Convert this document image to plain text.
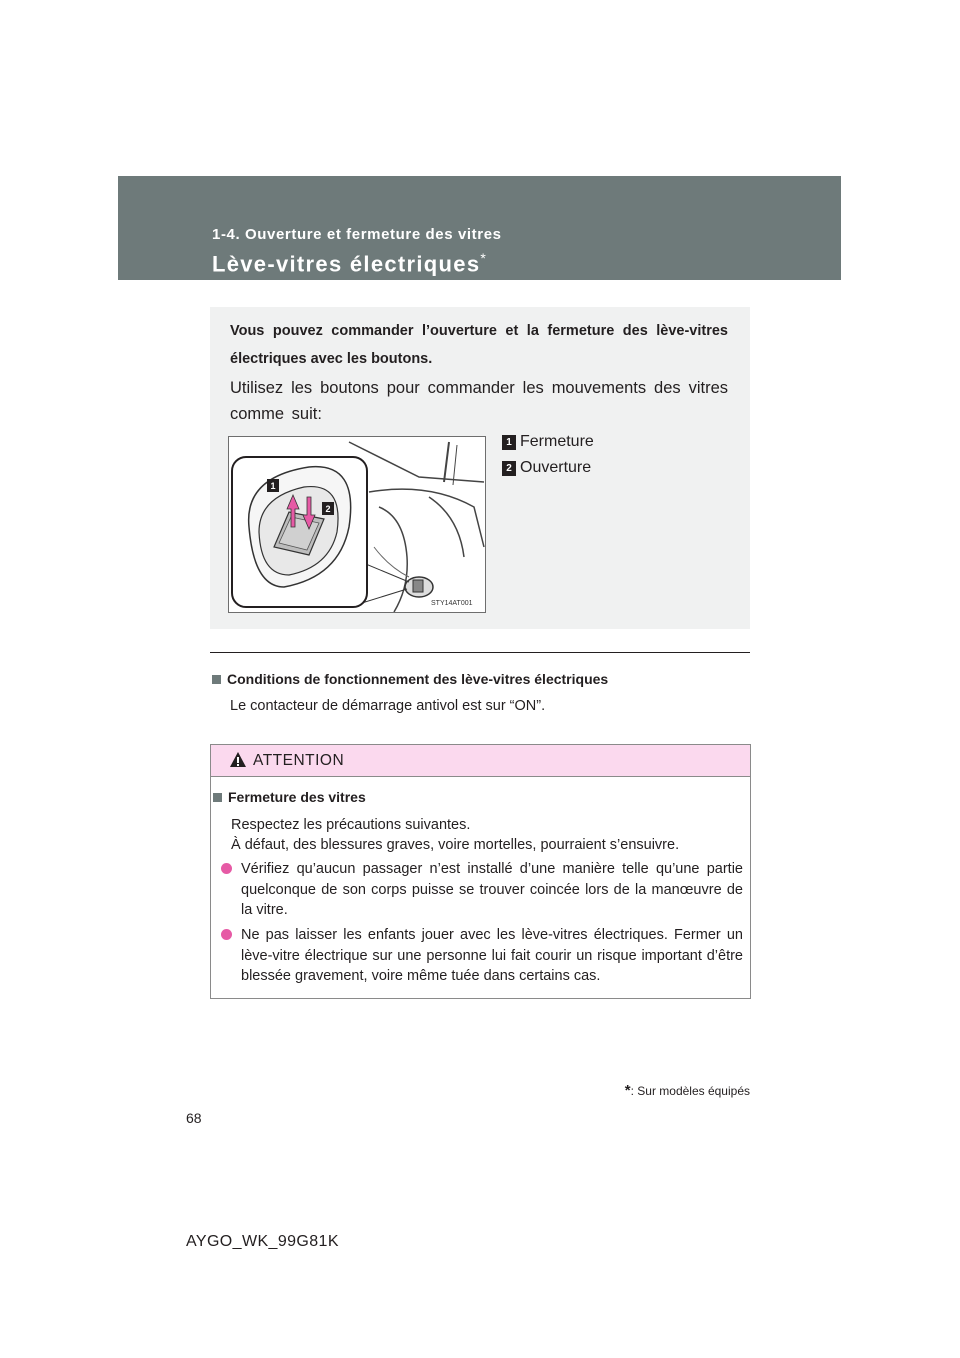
1-4. Ouverture et fermeture des vitres
Lève-vitres électriques*
Vous pouvez commander l’ouverture et la fermeture des lève-vitres électriques avec les boutons.
Utilisez les boutons pour commander les mouvements des vitres comme suit:
1
2
STY14AT001
1 Fermeture
2 Ouverture
Conditions de fonctionnement des lève-vitres électriques
Le contacteur de démarrage antivol est sur “ON”.
ATTENTION
Fermeture des vitres
Respectez les précautions suivantes.
À défaut, des blessures graves, voire mortelles, pourraient s’ensuivre.
Vérifiez qu’aucun passager n’est installé d’une manière telle qu’une partie quelconque de son corps puisse se trouver coincée lors de la manœuvre de la vitre.
Ne pas laisser les enfants jouer avec les lève-vitres électriques. Fermer un lève-vitre électrique sur une personne lui fait courir un risque important d’être blessée gravement, voire même tuée dans certains cas.
*: Sur modèles équipés
68
AYGO_WK_99G81K
